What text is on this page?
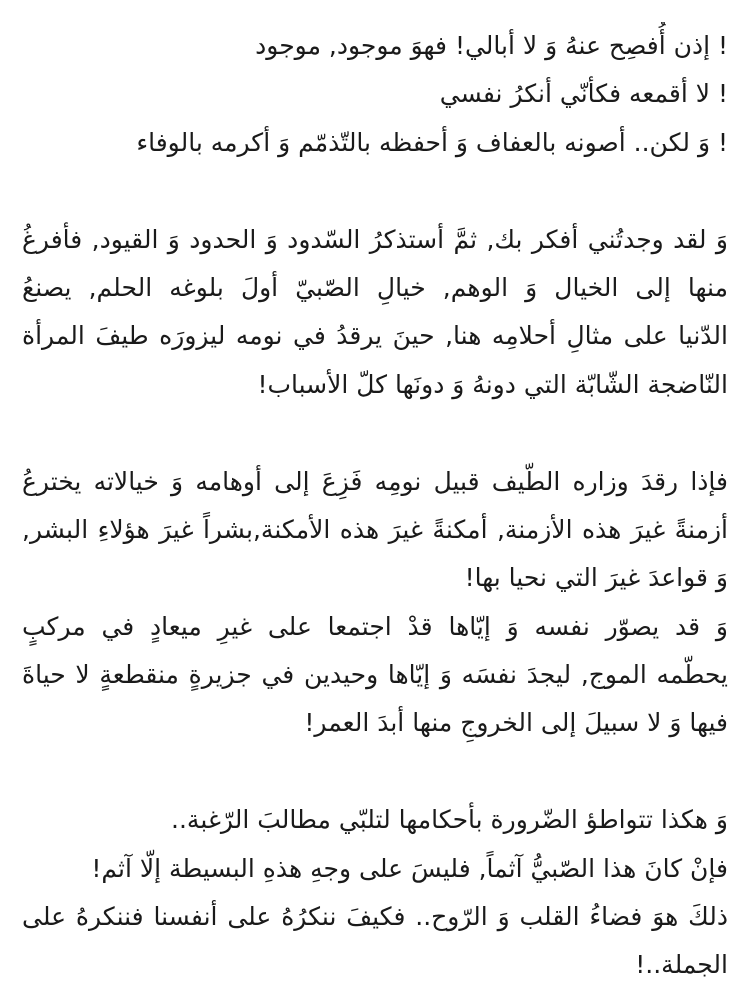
! إذن أُفصِح عنهُ وَ لا أبالي! فهوَ موجود, موجود
! لا أقمعه فكأنّي أنكرُ نفسي
! وَ لكن.. أصونه بالعفاف وَ أحفظه بالتّذمّم وَ أكرمه بالوفاء
وَ لقد وجدتُني أفكر بك, ثمَّ أستذكرُ السّدود وَ الحدود وَ القيود, فأفرغُ
منها إلى الخيال وَ الوهم, خيالِ الصّبيّ أولَ بلوغه الحلم, يصنعُ
الدّنيا على مثالِ أحلامِه هنا, حينَ يرقدُ في نومه ليزورَه طيفَ المرأة
النّاضجة الشّابّة التي دونهُ وَ دونَها كلّ الأسباب!
فإذا رقدَ وزاره الطّيف قبيل نومِه فَزِعَ إلى أوهامه وَ خيالاته يخترعُ
أزمنةً غيرَ هذه الأزمنة, أمكنةً غيرَ هذه الأمكنة,بشراً غيرَ هؤلاءِ البشر,
وَ قواعدَ غيرَ التي نحيا بها!
وَ قد يصوّر نفسه وَ إيّاها قدْ اجتمعا على غيرِ ميعادٍ في مركبٍ
يحطّمه الموج, ليجدَ نفسَه وَ إيّاها وحيدين في جزيرةٍ منقطعةٍ لا حياةَ
فيها وَ لا سبيلَ إلى الخروجِ منها أبدَ العمر!
وَ هكذا تتواطؤ الضّرورة بأحكامها لتلبّي مطالبَ الرّغبة..
فإنْ كانَ هذا الصّبيُّ آثماً, فليسَ على وجهِ هذهِ البسيطة إلّا آثم!
ذلكَ هوَ فضاءُ القلب وَ الرّوح.. فكيفَ ننكرُهُ على أنفسنا فننكرهُ على
الجملة..!
